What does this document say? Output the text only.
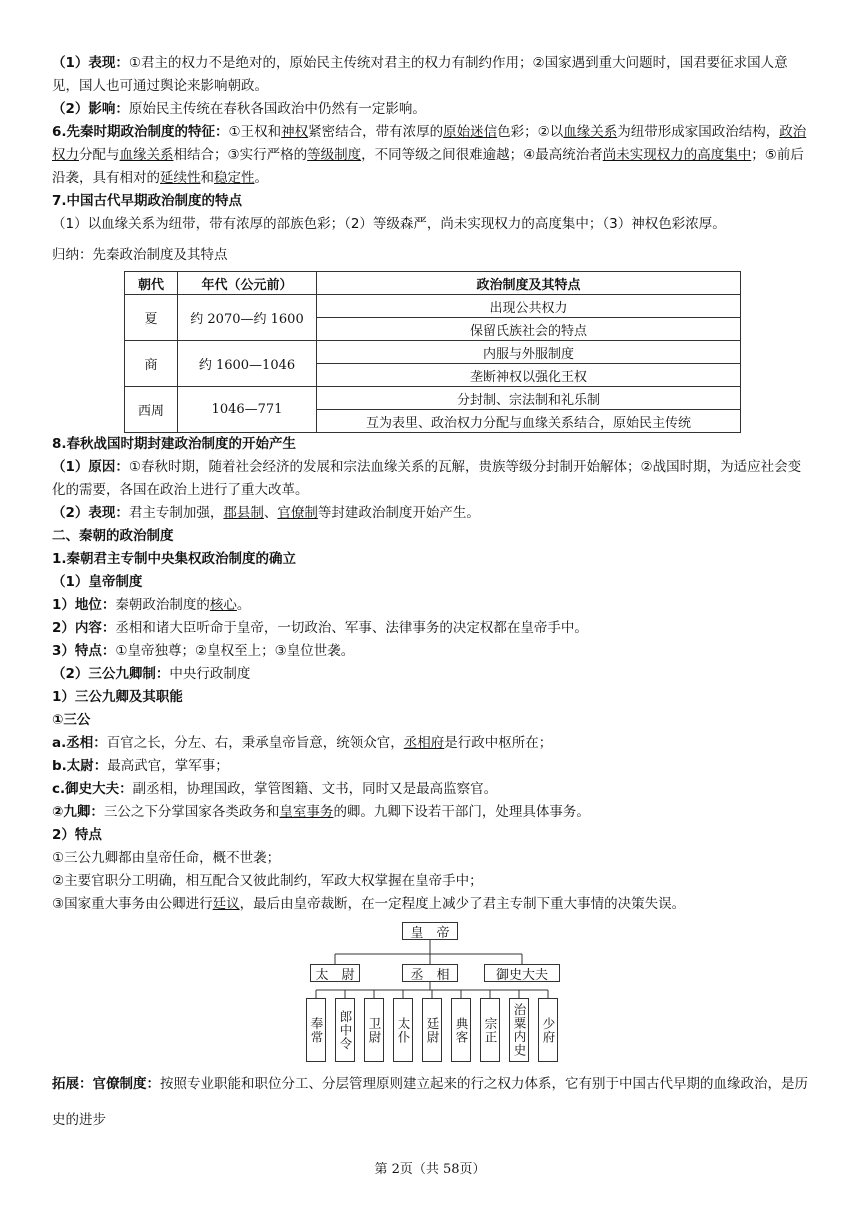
（1）表现：①君主的权力不是绝对的，原始民主传统对君主的权力有制约作用；②国家遇到重大问题时，国君要征求国人意见，国人也可通过舆论来影响朝政。

（2）影响：原始民主传统在春秋各国政治中仍然有一定影响。

6.先秦时期政治制度的特征：①王权和神权紧密结合，带有浓厚的原始迷信色彩；②以血缘关系为纽带形成家国政治结构，政治权力分配与血缘关系相结合；③实行严格的等级制度，不同等级之间很难逾越；④最高统治者尚未实现权力的高度集中；⑤前后沿袭，具有相对的延续性和稳定性。

7.中国古代早期政治制度的特点

（1）以血缘关系为纽带，带有浓厚的部族色彩；（2）等级森严，尚未实现权力的高度集中；（3）神权色彩浓厚。

归纳：先秦政治制度及其特点

朝代	年代（公元前）	政治制度及其特点
夏	约 2070—约 1600	出现公共权力
		保留氏族社会的特点
商	约 1600—1046	内服与外服制度
		垄断神权以强化王权
西周	1046—771	分封制、宗法制和礼乐制
		互为表里、政治权力分配与血缘关系结合，原始民主传统

8.春秋战国时期封建政治制度的开始产生

（1）原因：①春秋时期，随着社会经济的发展和宗法血缘关系的瓦解，贵族等级分封制开始解体；②战国时期，为适应社会变化的需要，各国在政治上进行了重大改革。

（2）表现：君主专制加强，郡县制、官僚制等封建政治制度开始产生。

二、秦朝的政治制度

1.秦朝君主专制中央集权政治制度的确立

（1）皇帝制度

1）地位：秦朝政治制度的核心。

2）内容：丞相和诸大臣听命于皇帝，一切政治、军事、法律事务的决定权都在皇帝手中。

3）特点：①皇帝独尊；②皇权至上；③皇位世袭。

（2）三公九卿制：中央行政制度

1）三公九卿及其职能

①三公

a.丞相：百官之长，分左、右，秉承皇帝旨意，统领众官，丞相府是行政中枢所在；

b.太尉：最高武官，掌军事；

c.御史大夫：副丞相，协理国政，掌管图籍、文书，同时又是最高监察官。

②九卿：三公之下分掌国家各类政务和皇室事务的卿。九卿下设若干部门，处理具体事务。

2）特点

①三公九卿都由皇帝任命，概不世袭；

②主要官职分工明确，相互配合又彼此制约，军政大权掌握在皇帝手中；

③国家重大事务由公卿进行廷议，最后由皇帝裁断，在一定程度上减少了君主专制下重大事情的决策失误。

皇　帝
太　尉	丞　相	御史大夫
奉常 郎中令 卫尉 太仆 廷尉 典客 宗正 治粟内史 少府

拓展：官僚制度：按照专业职能和职位分工、分层管理原则建立起来的行之权力体系，它有别于中国古代早期的血缘政治，是历史的进步

第 2页（共 58页）
